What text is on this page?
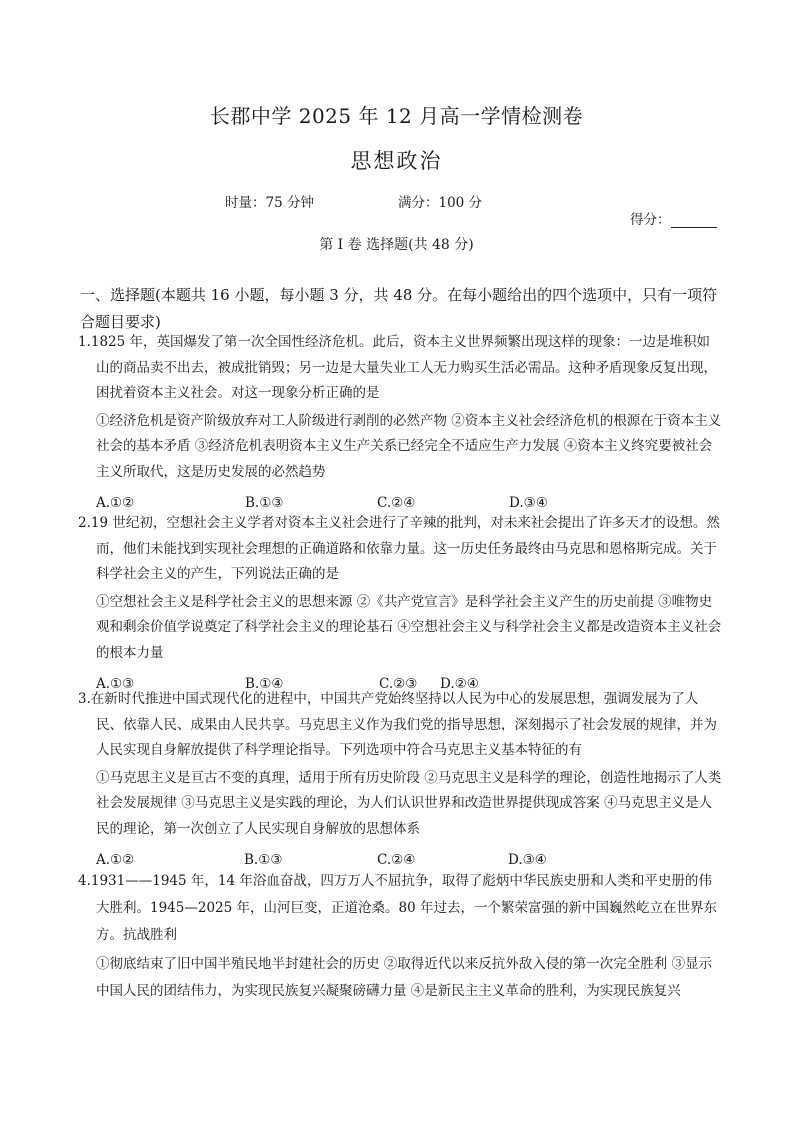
长郡中学 2025 年 12 月高一学情检测卷
思想政治
时量：75 分钟	满分：100 分
得分：
第 I 卷 选择题(共 48 分)
一、选择题(本题共 16 小题，每小题 3 分，共 48 分。在每小题给出的四个选项中，只有一项符合题目要求)
1.1825 年，英国爆发了第一次全国性经济危机。此后，资本主义世界频繁出现这样的现象：一边是堆积如山的商品卖不出去，被成批销毁；另一边是大量失业工人无力购买生活必需品。这种矛盾现象反复出现，困扰着资本主义社会。对这一现象分析正确的是
①经济危机是资产阶级放弃对工人阶级进行剥削的必然产物 ②资本主义社会经济危机的根源在于资本主义社会的基本矛盾 ③经济危机表明资本主义生产关系已经完全不适应生产力发展 ④资本主义终究要被社会主义所取代，这是历史发展的必然趋势
A.①②	B.①③	C.②④	D.③④
2.19 世纪初，空想社会主义学者对资本主义社会进行了辛辣的批判，对未来社会提出了许多天才的设想。然而，他们未能找到实现社会理想的正确道路和依靠力量。这一历史任务最终由马克思和恩格斯完成。关于科学社会主义的产生，下列说法正确的是
①空想社会主义是科学社会主义的思想来源 ②《共产党宣言》是科学社会主义产生的历史前提 ③唯物史观和剩余价值学说奠定了科学社会主义的理论基石 ④空想社会主义与科学社会主义都是改造资本主义社会的根本力量
A.①③	B.①④	C.②③ D.②④
3.在新时代推进中国式现代化的进程中，中国共产党始终坚持以人民为中心的发展思想，强调发展为了人民、依靠人民、成果由人民共享。马克思主义作为我们党的指导思想，深刻揭示了社会发展的规律，并为人民实现自身解放提供了科学理论指导。下列选项中符合马克思主义基本特征的有
①马克思主义是亘古不变的真理，适用于所有历史阶段 ②马克思主义是科学的理论，创造性地揭示了人类社会发展规律 ③马克思主义是实践的理论，为人们认识世界和改造世界提供现成答案 ④马克思主义是人民的理论，第一次创立了人民实现自身解放的思想体系
A.①②	B.①③	C.②④	D.③④
4.1931——1945 年，14 年浴血奋战，四万万人不屈抗争，取得了彪炳中华民族史册和人类和平史册的伟大胜利。1945—2025 年，山河巨变，正道沧桑。80 年过去，一个繁荣富强的新中国巍然屹立在世界东方。抗战胜利
①彻底结束了旧中国半殖民地半封建社会的历史 ②取得近代以来反抗外敌入侵的第一次完全胜利 ③显示中国人民的团结伟力，为实现民族复兴凝聚磅礴力量 ④是新民主主义革命的胜利，为实现民族复兴
